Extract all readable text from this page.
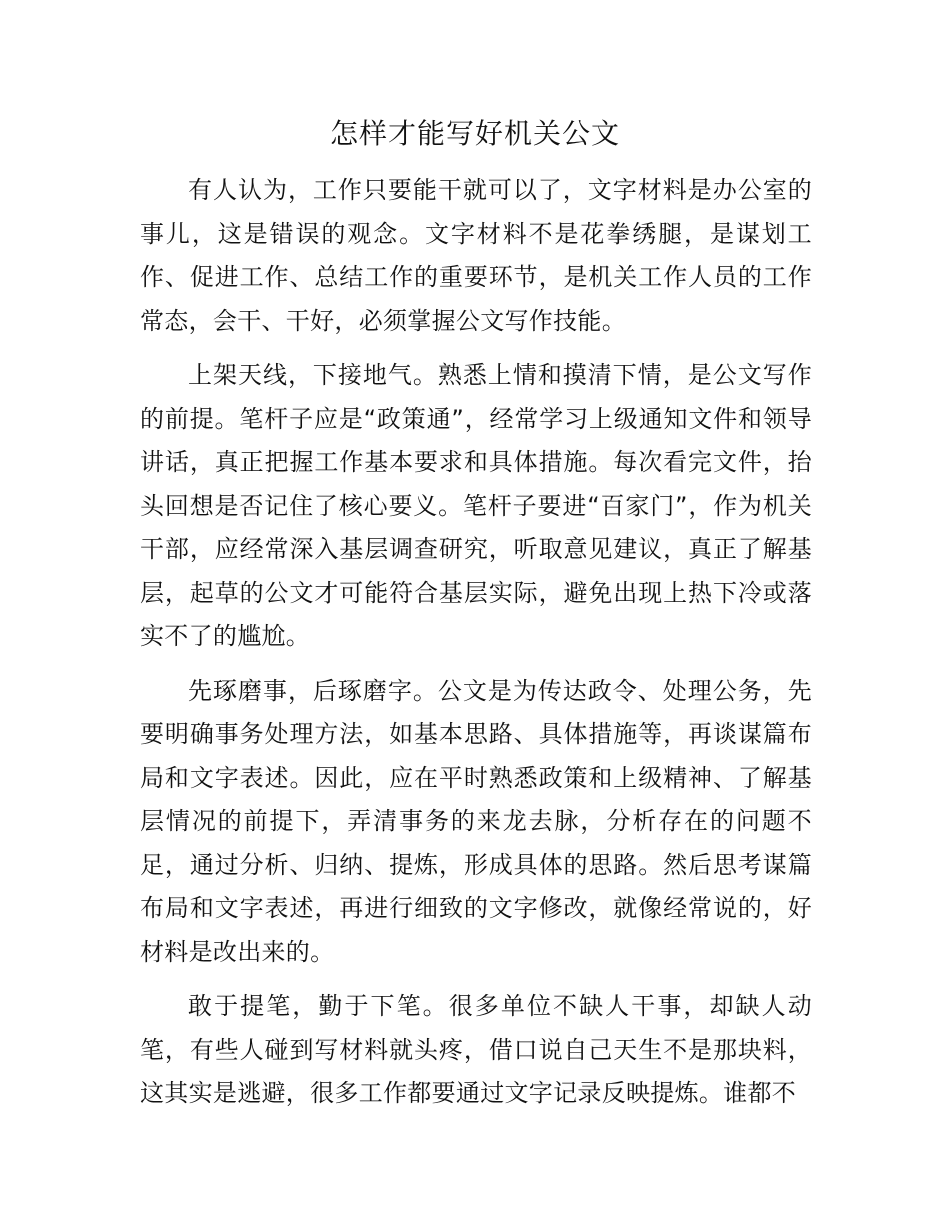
怎样才能写好机关公文

有人认为，工作只要能干就可以了，文字材料是办公室的事儿，这是错误的观念。文字材料不是花拳绣腿，是谋划工作、促进工作、总结工作的重要环节，是机关工作人员的工作常态，会干、干好，必须掌握公文写作技能。

上架天线，下接地气。熟悉上情和摸清下情，是公文写作的前提。笔杆子应是“政策通”，经常学习上级通知文件和领导讲话，真正把握工作基本要求和具体措施。每次看完文件，抬头回想是否记住了核心要义。笔杆子要进“百家门”，作为机关干部，应经常深入基层调查研究，听取意见建议，真正了解基层，起草的公文才可能符合基层实际，避免出现上热下冷或落实不了的尴尬。

先琢磨事，后琢磨字。公文是为传达政令、处理公务，先要明确事务处理方法，如基本思路、具体措施等，再谈谋篇布局和文字表述。因此，应在平时熟悉政策和上级精神、了解基层情况的前提下，弄清事务的来龙去脉，分析存在的问题不足，通过分析、归纳、提炼，形成具体的思路。然后思考谋篇布局和文字表述，再进行细致的文字修改，就像经常说的，好材料是改出来的。

敢于提笔，勤于下笔。很多单位不缺人干事，却缺人动笔，有些人碰到写材料就头疼，借口说自己天生不是那块料，这其实是逃避，很多工作都要通过文字记录反映提炼。谁都不
